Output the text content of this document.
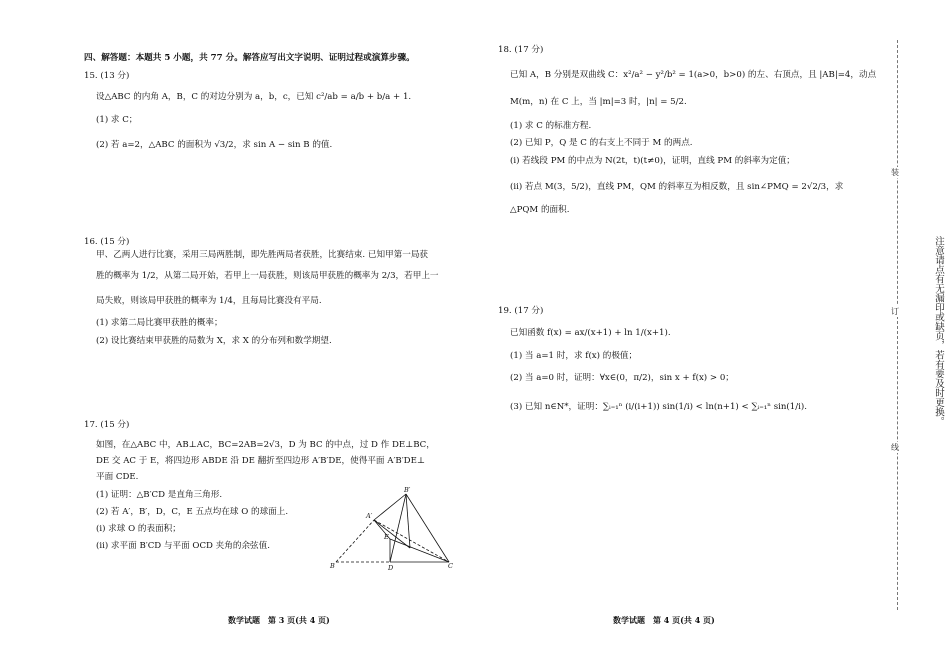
四、解答题：本题共 5 小题，共 77 分。解答应写出文字说明、证明过程或演算步骤。
15. (13 分)
设△ABC 的内角 A，B，C 的对边分别为 a，b，c，已知 c²/ab = a/b + b/a + 1.
(1) 求 C；
(2) 若 a=2，△ABC 的面积为 √3/2，求 sin A − sin B 的值.
16. (15 分)
甲、乙两人进行比赛，采用三局两胜制，即先胜两局者获胜，比赛结束. 已知甲第一局获
胜的概率为 1/2，从第二局开始，若甲上一局获胜，则该局甲获胜的概率为 2/3，若甲上一
局失败，则该局甲获胜的概率为 1/4，且每局比赛没有平局.
(1) 求第二局比赛甲获胜的概率；
(2) 设比赛结束甲获胜的局数为 X，求 X 的分布列和数学期望.
17. (15 分)
如图，在△ABC 中，AB⊥AC，BC=2AB=2√3，D 为 BC 的中点，过 D 作 DE⊥BC，
DE 交 AC 于 E，将四边形 ABDE 沿 DE 翻折至四边形 A′B′DE，使得平面 A′B′DE⊥
平面 CDE.
(1) 证明：△B′CD 是直角三角形.
(2) 若 A′，B′，D，C，E 五点均在球 O 的球面上.
(ⅰ) 求球 O 的表面积；
(ⅱ) 求平面 B′CD 与平面 OCD 夹角的余弦值.
B′
A′
E
B	D	C
数学试题　第 3 页(共 4 页)
18. (17 分)
已知 A，B 分别是双曲线 C：x²/a² − y²/b² = 1(a>0，b>0) 的左、右顶点，且 |AB|=4，动点
M(m，n) 在 C 上，当 |m|=3 时，|n| = 5/2.
(1) 求 C 的标准方程.
(2) 已知 P，Q 是 C 的右支上不同于 M 的两点.
(ⅰ) 若线段 PM 的中点为 N(2t，t)(t≠0)，证明，直线 PM 的斜率为定值；
(ⅱ) 若点 M(3，5/2)，直线 PM，QM 的斜率互为相反数，且 sin∠PMQ = 2√2/3，求
△PQM 的面积.
19. (17 分)
已知函数 f(x) = ax/(x+1) + ln 1/(x+1).
(1) 当 a=1 时，求 f(x) 的极值；
(2) 当 a=0 时，证明：∀x∈(0，π/2)，sin x + f(x) > 0；
(3) 已知 n∈N*，证明：∑ᵢ₌₁ⁿ (i/(i+1)) sin(1/i) < ln(n+1) < ∑ᵢ₌₁ⁿ sin(1/i).
数学试题　第 4 页(共 4 页)
装
订
线
注意请点有无漏印或缺页，若有要及时更换。
